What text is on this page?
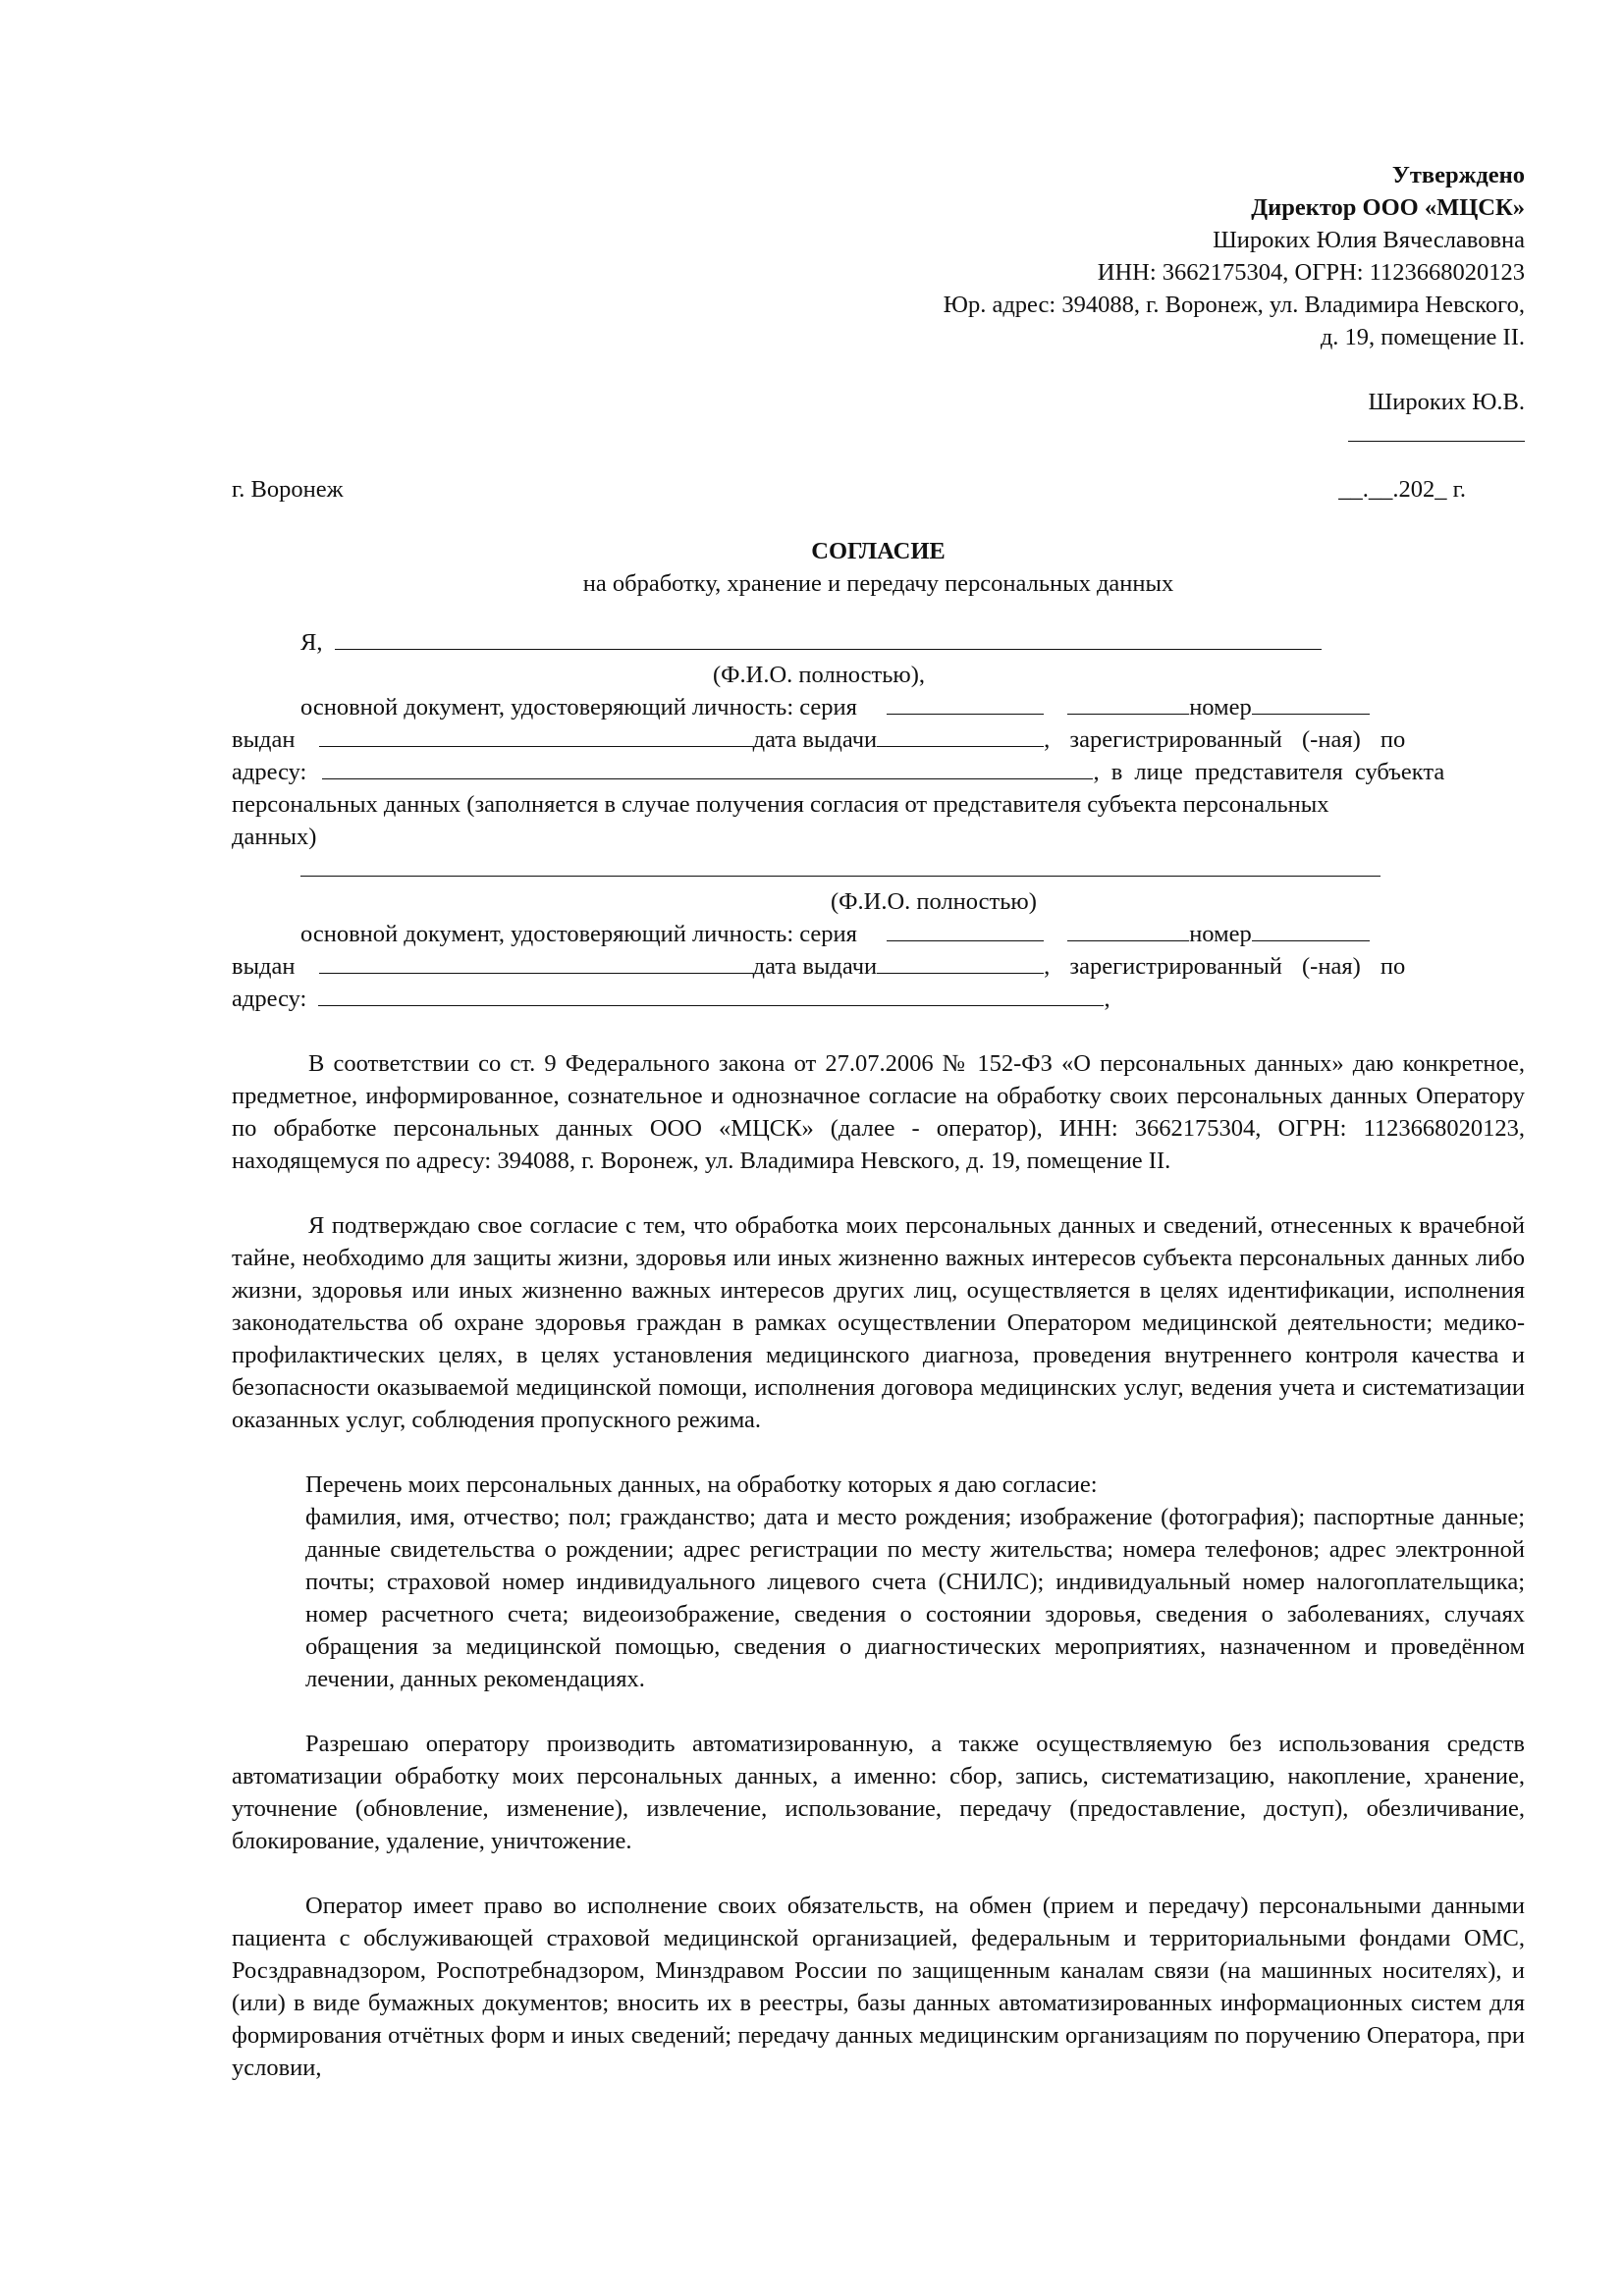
Утверждено
Директор ООО «МЦСК»
Широких Юлия Вячеславовна
ИНН: 3662175304, ОГРН: 1123668020123
Юр. адрес: 394088, г. Воронеж, ул. Владимира Невского,
д. 19, помещение II.
Широких Ю.В.
г. Воронеж	__.__.202_ г.
СОГЛАСИЕ
на обработку, хранение и передачу персональных данных
Я,
(Ф.И.О. полностью),
основной документ, удостоверяющий личность: серия	номер
выдан	дата выдачи	, зарегистрированный (-ная) по
адресу:	, в лице представителя субъекта
персональных данных (заполняется в случае получения согласия от представителя субъекта персональных
данных)
(Ф.И.О. полностью)
основной документ, удостоверяющий личность: серия	номер
выдан	дата выдачи	, зарегистрированный (-ная) по
адресу:	,

В соответствии со ст. 9 Федерального закона от 27.07.2006 № 152-ФЗ «О персональных данных» даю конкретное, предметное, информированное, сознательное и однозначное согласие на обработку своих персональных данных Оператору по обработке персональных данных ООО «МЦСК» (далее - оператор), ИНН: 3662175304, ОГРН: 1123668020123, находящемуся по адресу: 394088, г. Воронеж, ул. Владимира Невского, д. 19, помещение II.

Я подтверждаю свое согласие с тем, что обработка моих персональных данных и сведений, отнесенных к врачебной тайне, необходимо для защиты жизни, здоровья или иных жизненно важных интересов субъекта персональных данных либо жизни, здоровья или иных жизненно важных интересов других лиц, осуществляется в целях идентификации, исполнения законодательства об охране здоровья граждан в рамках осуществлении Оператором медицинской деятельности; медико-профилактических целях, в целях установления медицинского диагноза, проведения внутреннего контроля качества и безопасности оказываемой медицинской помощи, исполнения договора медицинских услуг, ведения учета и систематизации оказанных услуг, соблюдения пропускного режима.

Перечень моих персональных данных, на обработку которых я даю согласие:
фамилия, имя, отчество; пол; гражданство; дата и место рождения; изображение (фотография); паспортные данные; данные свидетельства о рождении; адрес регистрации по месту жительства; номера телефонов; адрес электронной почты; страховой номер индивидуального лицевого счета (СНИЛС); индивидуальный номер налогоплательщика; номер расчетного счета; видеоизображение, сведения о состоянии здоровья, сведения о заболеваниях, случаях обращения за медицинской помощью, сведения о диагностических мероприятиях, назначенном и проведённом лечении, данных рекомендациях.

Разрешаю оператору производить автоматизированную, а также осуществляемую без использования средств автоматизации обработку моих персональных данных, а именно: сбор, запись, систематизацию, накопление, хранение, уточнение (обновление, изменение), извлечение, использование, передачу (предоставление, доступ), обезличивание, блокирование, удаление, уничтожение.

Оператор имеет право во исполнение своих обязательств, на обмен (прием и передачу) персональными данными пациента с обслуживающей страховой медицинской организацией, федеральным и территориальными фондами ОМС, Росздравнадзором, Роспотребнадзором, Минздравом России по защищенным каналам связи (на машинных носителях), и (или) в виде бумажных документов; вносить их в реестры, базы данных автоматизированных информационных систем для формирования отчётных форм и иных сведений; передачу данных медицинским организациям по поручению Оператора, при условии,
